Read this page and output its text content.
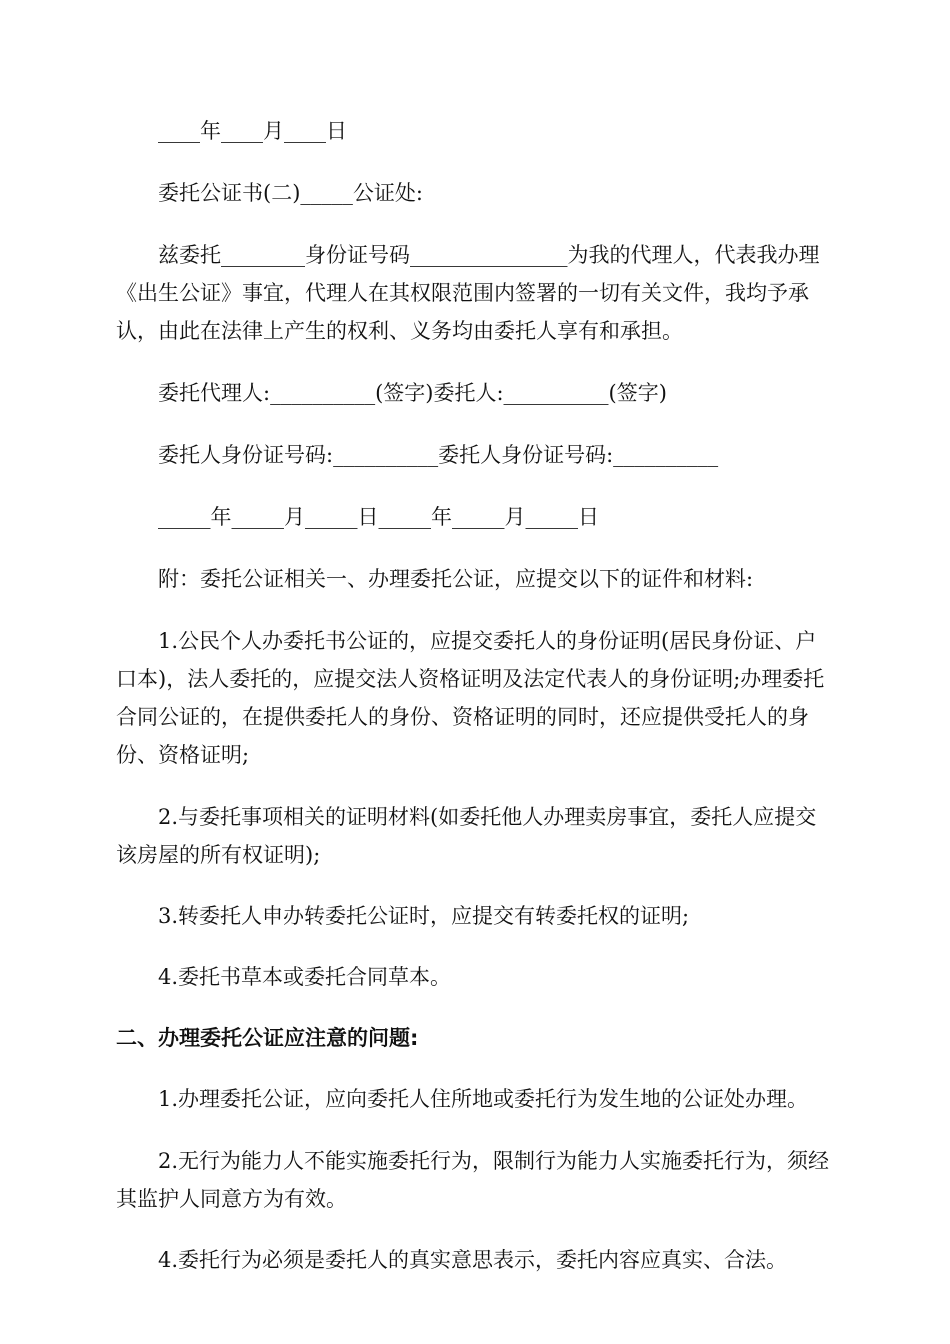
____年____月____日

委托公证书(二)_____公证处:

兹委托________身份证号码_______________为我的代理人，代表我办理《出生公证》事宜，代理人在其权限范围内签署的一切有关文件，我均予承认，由此在法律上产生的权利、义务均由委托人享有和承担。

委托代理人:__________(签字)委托人:__________(签字)

委托人身份证号码:__________委托人身份证号码:__________

_____年_____月_____日_____年_____月_____日

附：委托公证相关一、办理委托公证，应提交以下的证件和材料:

1.公民个人办委托书公证的，应提交委托人的身份证明(居民身份证、户口本)，法人委托的，应提交法人资格证明及法定代表人的身份证明;办理委托合同公证的，在提供委托人的身份、资格证明的同时，还应提供受托人的身份、资格证明;

2.与委托事项相关的证明材料(如委托他人办理卖房事宜，委托人应提交该房屋的所有权证明);

3.转委托人申办转委托公证时，应提交有转委托权的证明;

4.委托书草本或委托合同草本。

二、办理委托公证应注意的问题:

1.办理委托公证，应向委托人住所地或委托行为发生地的公证处办理。

2.无行为能力人不能实施委托行为，限制行为能力人实施委托行为，须经其监护人同意方为有效。

4.委托行为必须是委托人的真实意思表示，委托内容应真实、合法。
